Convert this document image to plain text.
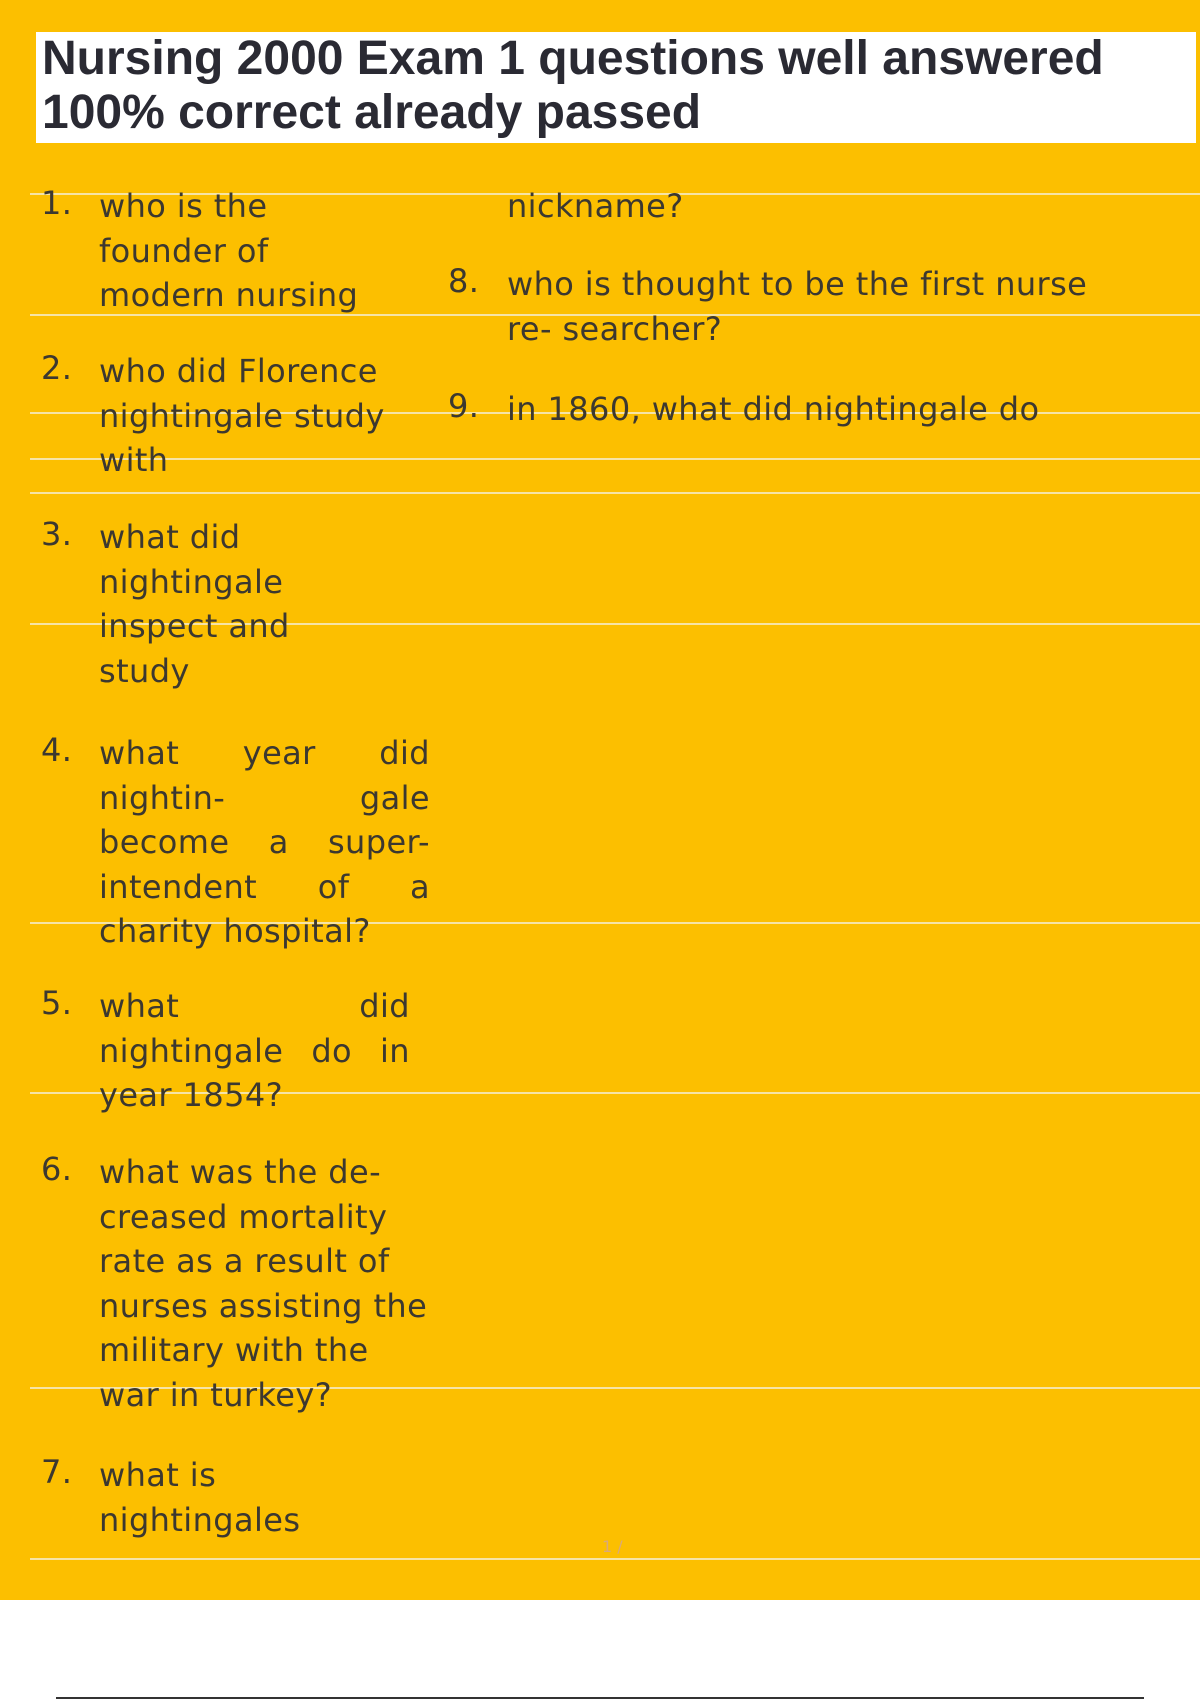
Nursing 2000 Exam 1 questions well answered
100% correct already passed
1. who is the
founder of
modern nursing
2. who did Florence
nightingale study
with
3. what did
nightingale
inspect and
study
4. what year did
nightin-	gale
become a super-
intendent of a
charity hospital?
5. what	did
nightingale do in
year 1854?
6. what was the de-
creased mortality
rate as a result of
nurses assisting the
military with the
war in turkey?
7. what is
nightingales
nickname?
8. who is thought to be the first nurse
re- searcher?
9. in 1860, what did nightingale do
1 /
